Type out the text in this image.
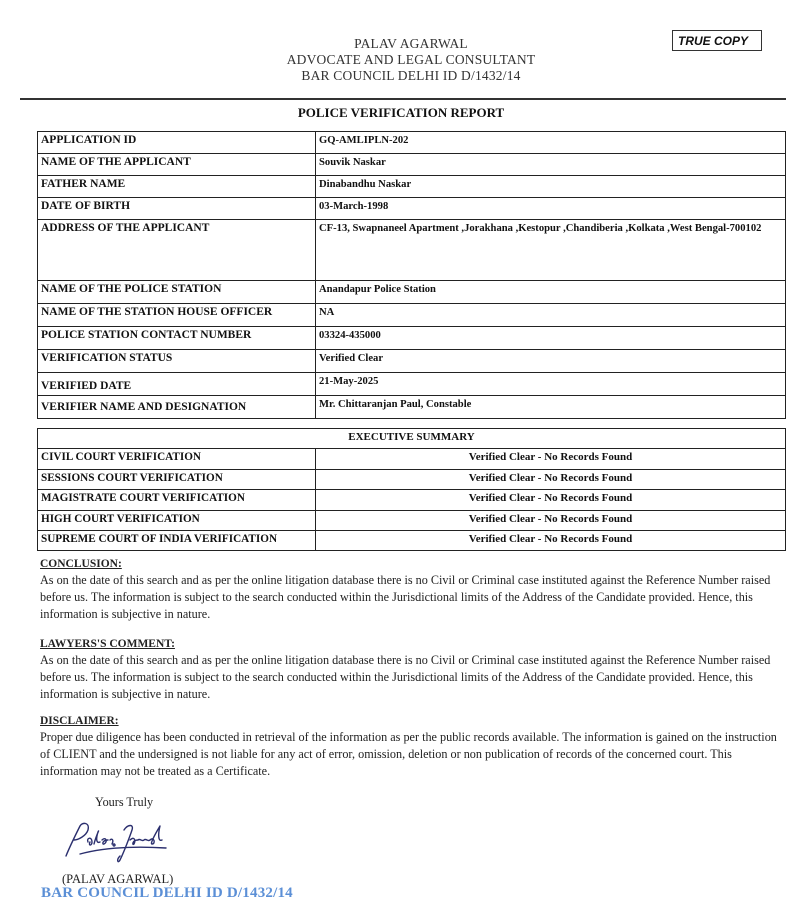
PALAV AGARWAL
ADVOCATE AND LEGAL CONSULTANT
BAR COUNCIL DELHI ID D/1432/14
TRUE COPY
POLICE VERIFICATION REPORT
APPLICATION ID	GQ-AMLIPLN-202
NAME OF THE APPLICANT	Souvik Naskar
FATHER NAME	Dinabandhu Naskar
DATE OF BIRTH	03-March-1998
ADDRESS OF THE APPLICANT	CF-13, Swapnaneel Apartment ,Jorakhana ,Kestopur ,Chandiberia ,Kolkata ,West Bengal-700102
NAME OF THE POLICE STATION	Anandapur Police Station
NAME OF THE STATION HOUSE OFFICER	NA
POLICE STATION CONTACT NUMBER	03324-435000
VERIFICATION STATUS	Verified Clear
VERIFIED DATE	21-May-2025
VERIFIER NAME AND DESIGNATION	Mr. Chittaranjan Paul, Constable
EXECUTIVE SUMMARY	
CIVIL COURT VERIFICATION	Verified Clear - No Records Found
SESSIONS COURT VERIFICATION	Verified Clear - No Records Found
MAGISTRATE COURT VERIFICATION	Verified Clear - No Records Found
HIGH COURT VERIFICATION	Verified Clear - No Records Found
SUPREME COURT OF INDIA VERIFICATION	Verified Clear - No Records Found
CONCLUSION:
As on the date of this search and as per the online litigation database there is no Civil or Criminal case instituted against the Reference Number raised before us. The information is subject to the search conducted within the Jurisdictional limits of the Address of the Candidate provided. Hence, this information is subjective in nature.
LAWYERS'S COMMENT:
As on the date of this search and as per the online litigation database there is no Civil or Criminal case instituted against the Reference Number raised before us. The information is subject to the search conducted within the Jurisdictional limits of the Address of the Candidate provided. Hence, this information is subjective in nature.
DISCLAIMER:
Proper due diligence has been conducted in retrieval of the information as per the public records available. The information is gained on the instruction of CLIENT and the undersigned is not liable for any act of error, omission, deletion or non publication of records of the concerned court. This information may not be treated as a Certificate.
Yours Truly
(PALAV AGARWAL)
BAR COUNCIL DELHI ID D/1432/14
